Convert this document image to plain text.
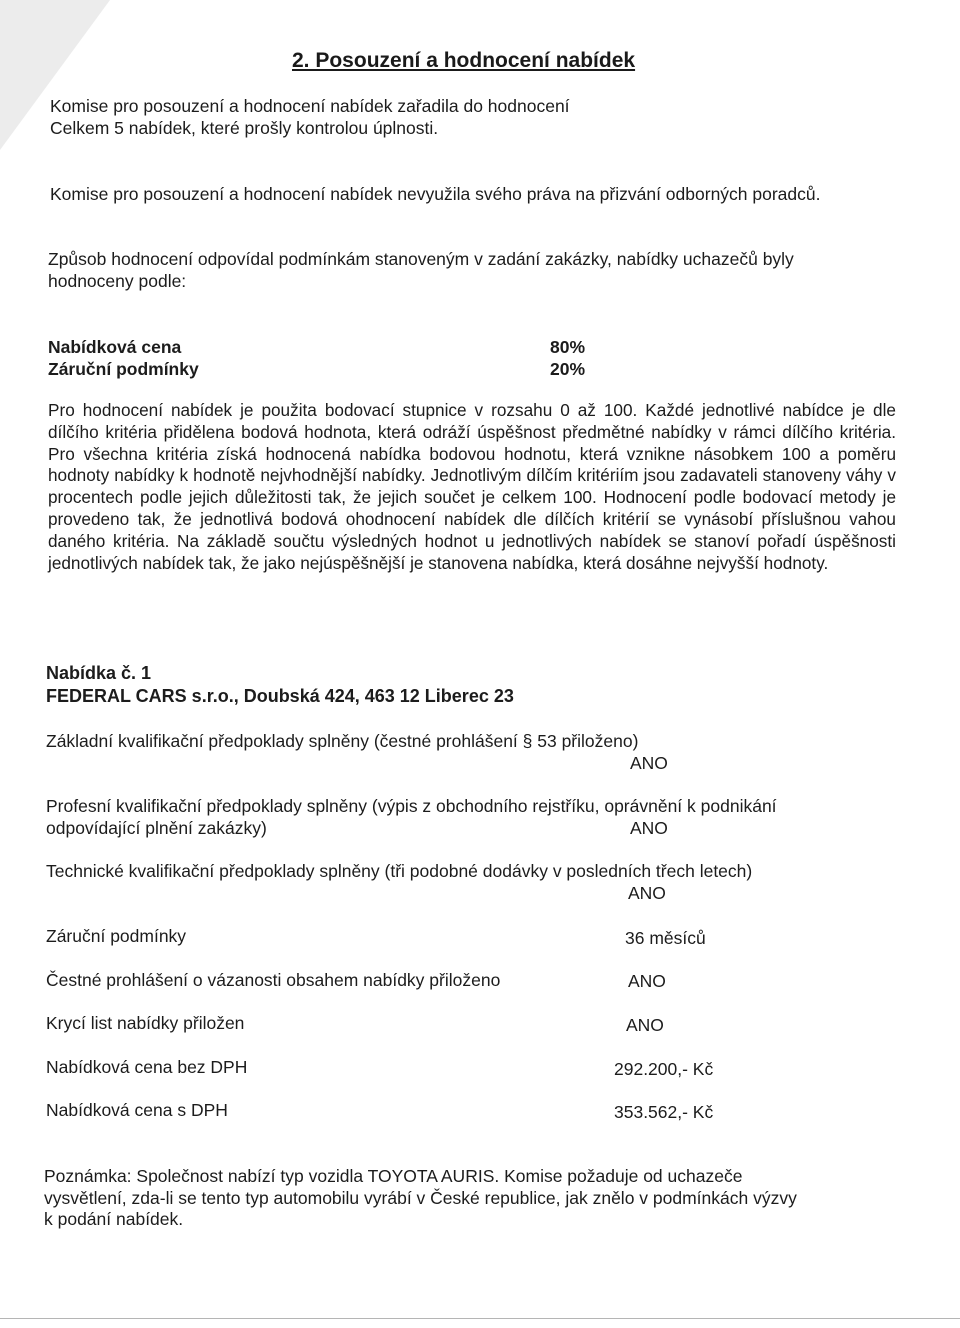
2. Posouzení a hodnocení nabídek

Komise pro posouzení a hodnocení nabídek zařadila do hodnocení

Celkem 5 nabídek, které prošly kontrolou úplnosti.

Komise pro posouzení a hodnocení nabídek nevyužila svého práva na přizvání odborných poradců.

Způsob hodnocení odpovídal podmínkám stanoveným v zadání zakázky, nabídky uchazečů byly

hodnoceny podle:

Nabídková cena	80%

Záruční podmínky	20%

Pro hodnocení nabídek je použita bodovací stupnice v rozsahu 0 až 100. Každé jednotlivé nabídce je dle dílčího kritéria přidělena bodová hodnota, která odráží úspěšnost předmětné nabídky v rámci dílčího kritéria. Pro všechna kritéria získá hodnocená nabídka bodovou hodnotu, která vznikne násobkem 100 a poměru hodnoty nabídky k hodnotě nejvhodnější nabídky. Jednotlivým dílčím kritériím jsou zadavateli stanoveny váhy v procentech podle jejich důležitosti tak, že jejich součet je celkem 100. Hodnocení podle bodovací metody je provedeno tak, že jednotlivá bodová ohodnocení nabídek dle dílčích kritérií se vynásobí příslušnou vahou daného kritéria. Na základě součtu výsledných hodnot u jednotlivých nabídek se stanoví pořadí úspěšnosti jednotlivých nabídek tak, že jako nejúspěšnější je stanovena nabídka, která dosáhne nejvyšší hodnoty.

Nabídka č. 1

FEDERAL CARS s.r.o., Doubská 424, 463 12 Liberec 23

Základní kvalifikační předpoklady splněny (čestné prohlášení § 53 přiloženo)

ANO

Profesní kvalifikační předpoklady splněny (výpis z obchodního rejstříku, oprávnění k podnikání

odpovídající plnění zakázky)	ANO

Technické kvalifikační předpoklady splněny (tři podobné dodávky v posledních třech letech)

ANO

Záruční podmínky	36 měsíců

Čestné prohlášení o vázanosti obsahem nabídky přiloženo	ANO

Krycí list nabídky přiložen	ANO

Nabídková cena bez DPH	292.200,- Kč

Nabídková cena s DPH	353.562,- Kč

Poznámka: Společnost nabízí typ vozidla TOYOTA AURIS. Komise požaduje od uchazeče

vysvětlení, zda-li se tento typ automobilu vyrábí v České republice, jak znělo v podmínkách výzvy

k podání nabídek.
